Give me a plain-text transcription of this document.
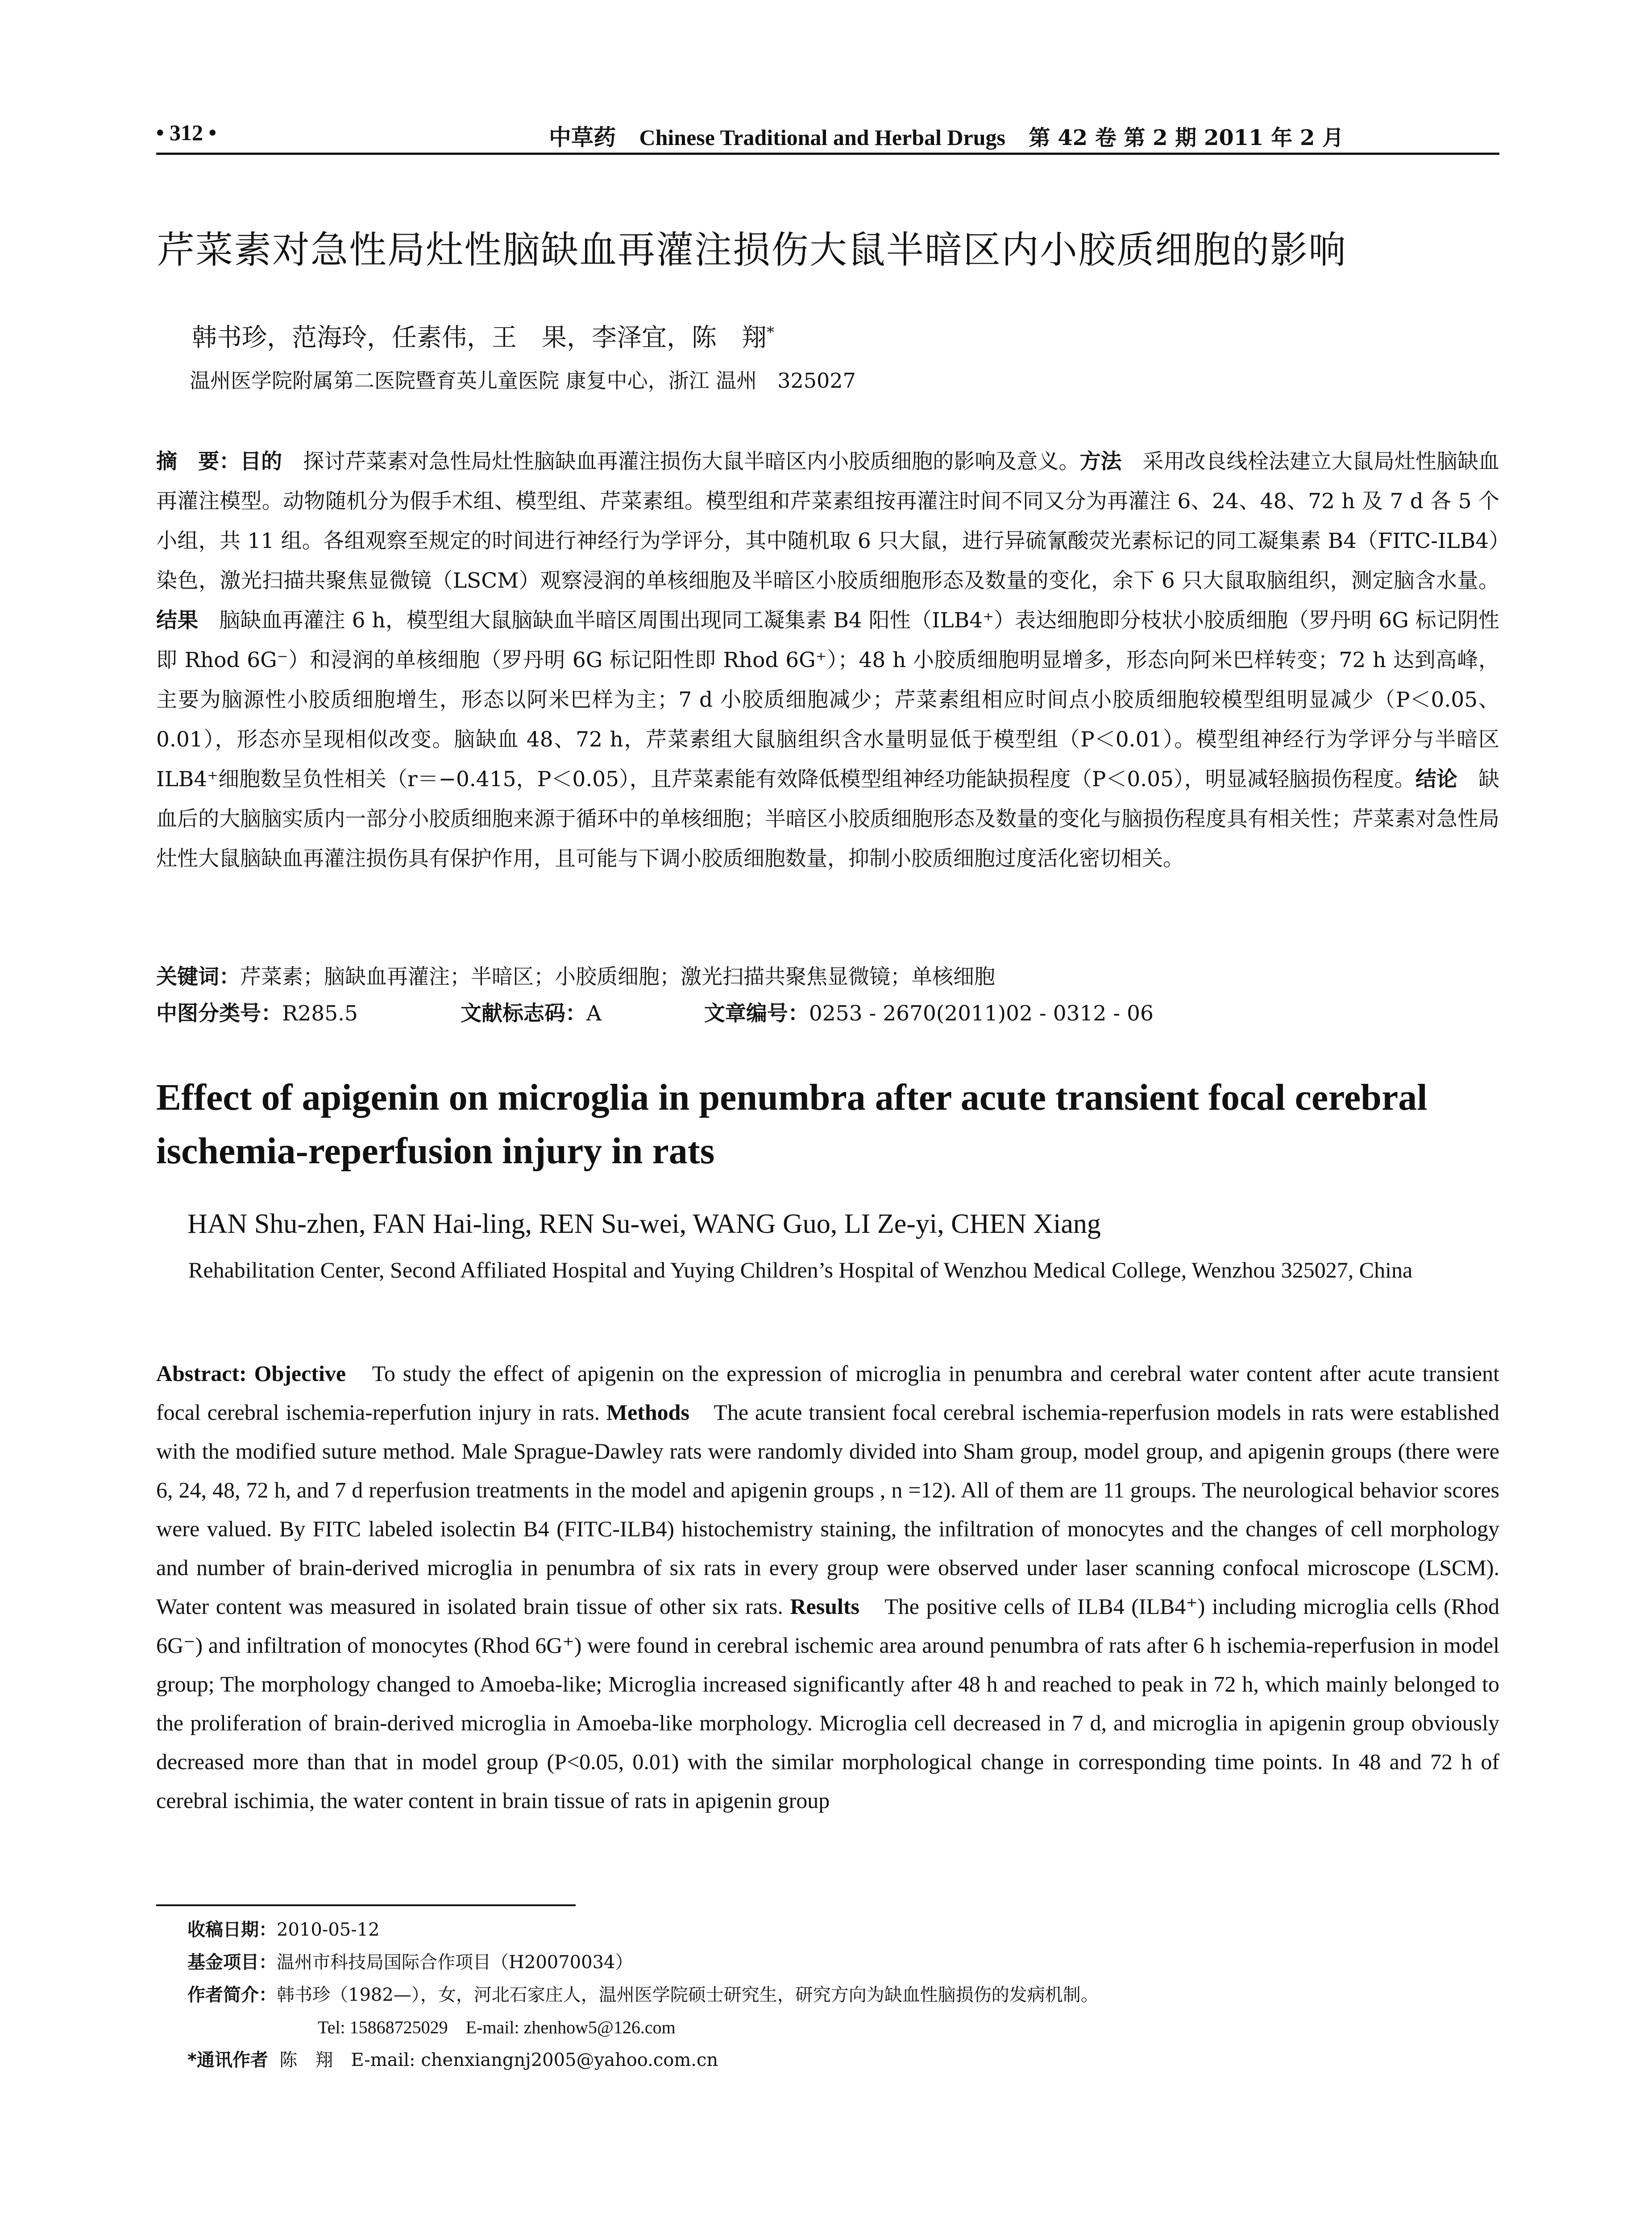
• 312 •	中草药 Chinese Traditional and Herbal Drugs 第 42 卷 第 2 期 2011 年 2 月
芹菜素对急性局灶性脑缺血再灌注损伤大鼠半暗区内小胶质细胞的影响
韩书珍，范海玲，任素伟，王　果，李泽宜，陈　翔*
温州医学院附属第二医院暨育英儿童医院 康复中心，浙江 温州　325027
摘　要：目的　探讨芹菜素对急性局灶性脑缺血再灌注损伤大鼠半暗区内小胶质细胞的影响及意义。方法　采用改良线栓法建立大鼠局灶性脑缺血再灌注模型。动物随机分为假手术组、模型组、芹菜素组。模型组和芹菜素组按再灌注时间不同又分为再灌注 6、24、48、72 h 及 7 d 各 5 个小组，共 11 组。各组观察至规定的时间进行神经行为学评分，其中随机取 6 只大鼠，进行异硫氰酸荧光素标记的同工凝集素 B4（FITC-ILB4）染色，激光扫描共聚焦显微镜（LSCM）观察浸润的单核细胞及半暗区小胶质细胞形态及数量的变化，余下 6 只大鼠取脑组织，测定脑含水量。结果　脑缺血再灌注 6 h，模型组大鼠脑缺血半暗区周围出现同工凝集素 B4 阳性（ILB4⁺）表达细胞即分枝状小胶质细胞（罗丹明 6G 标记阴性即 Rhod 6G⁻）和浸润的单核细胞（罗丹明 6G 标记阳性即 Rhod 6G⁺）；48 h 小胶质细胞明显增多，形态向阿米巴样转变；72 h 达到高峰，主要为脑源性小胶质细胞增生，形态以阿米巴样为主；7 d 小胶质细胞减少；芹菜素组相应时间点小胶质细胞较模型组明显减少（P＜0.05、0.01），形态亦呈现相似改变。脑缺血 48、72 h，芹菜素组大鼠脑组织含水量明显低于模型组（P＜0.01）。模型组神经行为学评分与半暗区 ILB4⁺细胞数呈负性相关（r＝−0.415，P＜0.05），且芹菜素能有效降低模型组神经功能缺损程度（P＜0.05），明显减轻脑损伤程度。结论　缺血后的大脑脑实质内一部分小胶质细胞来源于循环中的单核细胞；半暗区小胶质细胞形态及数量的变化与脑损伤程度具有相关性；芹菜素对急性局灶性大鼠脑缺血再灌注损伤具有保护作用，且可能与下调小胶质细胞数量，抑制小胶质细胞过度活化密切相关。
关键词：芹菜素；脑缺血再灌注；半暗区；小胶质细胞；激光扫描共聚焦显微镜；单核细胞
中图分类号：R285.5	文献标志码：A	文章编号：0253 - 2670(2011)02 - 0312 - 06
Effect of apigenin on microglia in penumbra after acute transient focal cerebral ischemia-reperfusion injury in rats
HAN Shu-zhen, FAN Hai-ling, REN Su-wei, WANG Guo, LI Ze-yi, CHEN Xiang
Rehabilitation Center, Second Affiliated Hospital and Yuying Children’s Hospital of Wenzhou Medical College, Wenzhou 325027, China
Abstract: Objective　To study the effect of apigenin on the expression of microglia in penumbra and cerebral water content after acute transient focal cerebral ischemia-reperfution injury in rats. Methods　The acute transient focal cerebral ischemia-reperfusion models in rats were established with the modified suture method. Male Sprague-Dawley rats were randomly divided into Sham group, model group, and apigenin groups (there were 6, 24, 48, 72 h, and 7 d reperfusion treatments in the model and apigenin groups , n =12). All of them are 11 groups. The neurological behavior scores were valued. By FITC labeled isolectin B4 (FITC-ILB4) histochemistry staining, the infiltration of monocytes and the changes of cell morphology and number of brain-derived microglia in penumbra of six rats in every group were observed under laser scanning confocal microscope (LSCM). Water content was measured in isolated brain tissue of other six rats. Results　The positive cells of ILB4 (ILB4⁺) including microglia cells (Rhod 6G⁻) and infiltration of monocytes (Rhod 6G⁺) were found in cerebral ischemic area around penumbra of rats after 6 h ischemia-reperfusion in model group; The morphology changed to Amoeba-like; Microglia increased significantly after 48 h and reached to peak in 72 h, which mainly belonged to the proliferation of brain-derived microglia in Amoeba-like morphology. Microglia cell decreased in 7 d, and microglia in apigenin group obviously decreased more than that in model group (P<0.05, 0.01) with the similar morphological change in corresponding time points. In 48 and 72 h of cerebral ischimia, the water content in brain tissue of rats in apigenin group
收稿日期：2010-05-12
基金项目：温州市科技局国际合作项目（H20070034）
作者简介：韩书珍（1982—），女，河北石家庄人，温州医学院硕士研究生，研究方向为缺血性脑损伤的发病机制。
Tel: 15868725029　E-mail: zhenhow5@126.com
*通讯作者 陈　翔　E-mail: chenxiangnj2005@yahoo.com.cn
